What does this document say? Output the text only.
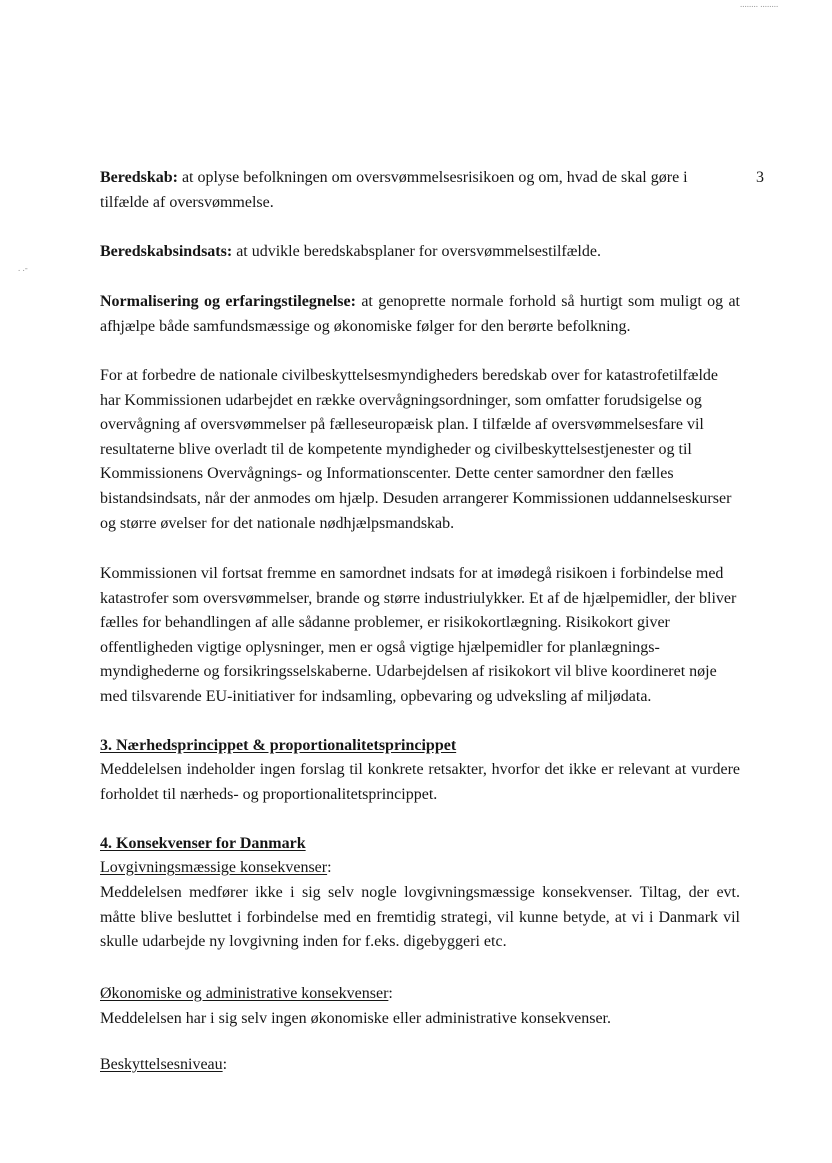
........ ........
. .-
3

Beredskab: at oplyse befolkningen om oversvømmelsesrisikoen og om, hvad de skal gøre i tilfælde af oversvømmelse.

Beredskabsindsats: at udvikle beredskabsplaner for oversvømmelsestilfælde.

Normalisering og erfaringstilegnelse: at genoprette normale forhold så hurtigt som muligt og at afhjælpe både samfundsmæssige og økonomiske følger for den berørte befolkning.

For at forbedre de nationale civilbeskyttelsesmyndigheders beredskab over for katastrofetilfælde har Kommissionen udarbejdet en række overvågningsordninger, som omfatter forudsigelse og overvågning af oversvømmelser på fælleseuropæisk plan. I tilfælde af oversvømmelsesfare vil resultaterne blive overladt til de kompetente myndigheder og civilbeskyttelsestjenester og til Kommissionens Overvågnings- og Informationscenter. Dette center samordner den fælles bistandsindsats, når der anmodes om hjælp. Desuden arrangerer Kommissionen uddannelseskurser og større øvelser for det nationale nødhjælpsmandskab.

Kommissionen vil fortsat fremme en samordnet indsats for at imødegå risikoen i forbindelse med katastrofer som oversvømmelser, brande og større industriulykker. Et af de hjælpemidler, der bliver fælles for behandlingen af alle sådanne problemer, er risikokortlægning. Risikokort giver offentligheden vigtige oplysninger, men er også vigtige hjælpemidler for planlægnings-myndighederne og forsikringsselskaberne. Udarbejdelsen af risikokort vil blive koordineret nøje med tilsvarende EU-initiativer for indsamling, opbevaring og udveksling af miljødata.

3. Nærhedsprincippet & proportionalitetsprincippet

Meddelelsen indeholder ingen forslag til konkrete retsakter, hvorfor det ikke er relevant at vurdere forholdet til nærheds- og proportionalitetsprincippet.

4. Konsekvenser for Danmark
Lovgivningsmæssige konsekvenser:

Meddelelsen medfører ikke i sig selv nogle lovgivningsmæssige konsekvenser. Tiltag, der evt. måtte blive besluttet i forbindelse med en fremtidig strategi, vil kunne betyde, at vi i Danmark vil skulle udarbejde ny lovgivning inden for f.eks. digebyggeri etc.

Økonomiske og administrative konsekvenser:

Meddelelsen har i sig selv ingen økonomiske eller administrative konsekvenser.

Beskyttelsesniveau:
